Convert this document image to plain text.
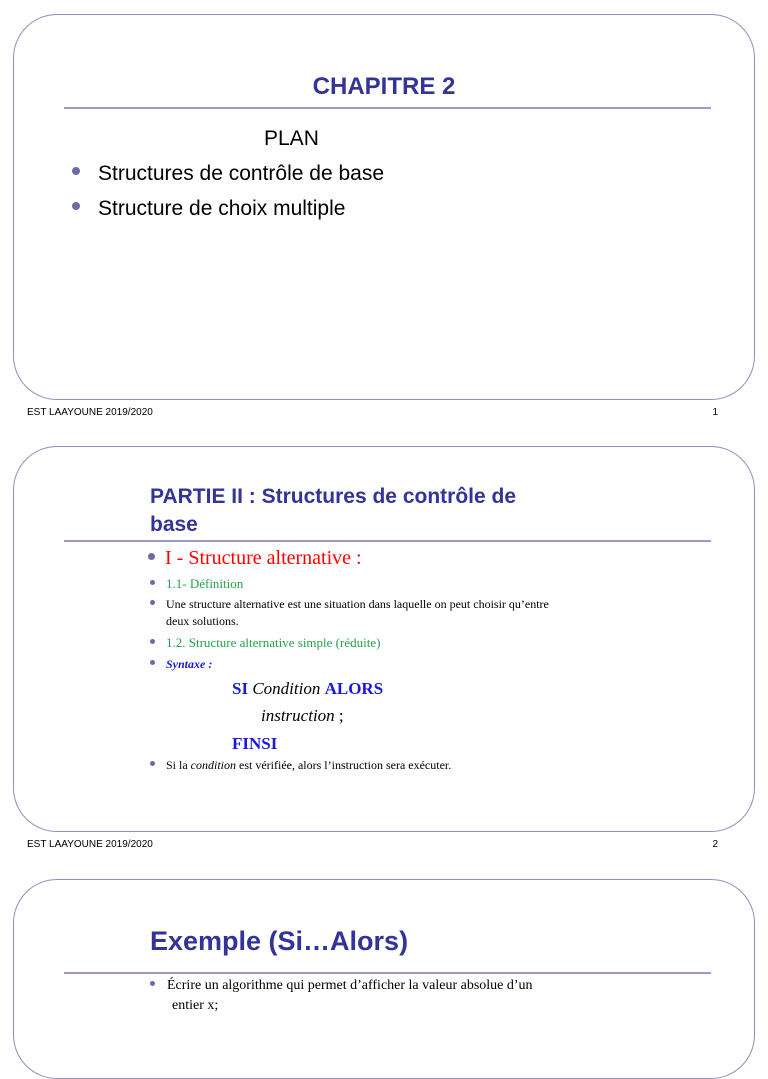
CHAPITRE 2
PLAN
Structures de contrôle de base
Structure de choix multiple
EST LAAYOUNE 2019/2020	1
PARTIE II : Structures de contrôle de
base
I - Structure alternative :
1.1- Définition
Une structure alternative est une situation dans laquelle on peut choisir qu’entre
deux solutions.
1.2. Structure alternative simple (réduite)
Syntaxe :
SI Condition ALORS
instruction ;
FINSI
Si la condition est vérifiée, alors l’instruction sera exécuter.
EST LAAYOUNE 2019/2020	2
Exemple (Si…Alors)
Écrire un algorithme qui permet d’afficher la valeur absolue d’un
entier x;
